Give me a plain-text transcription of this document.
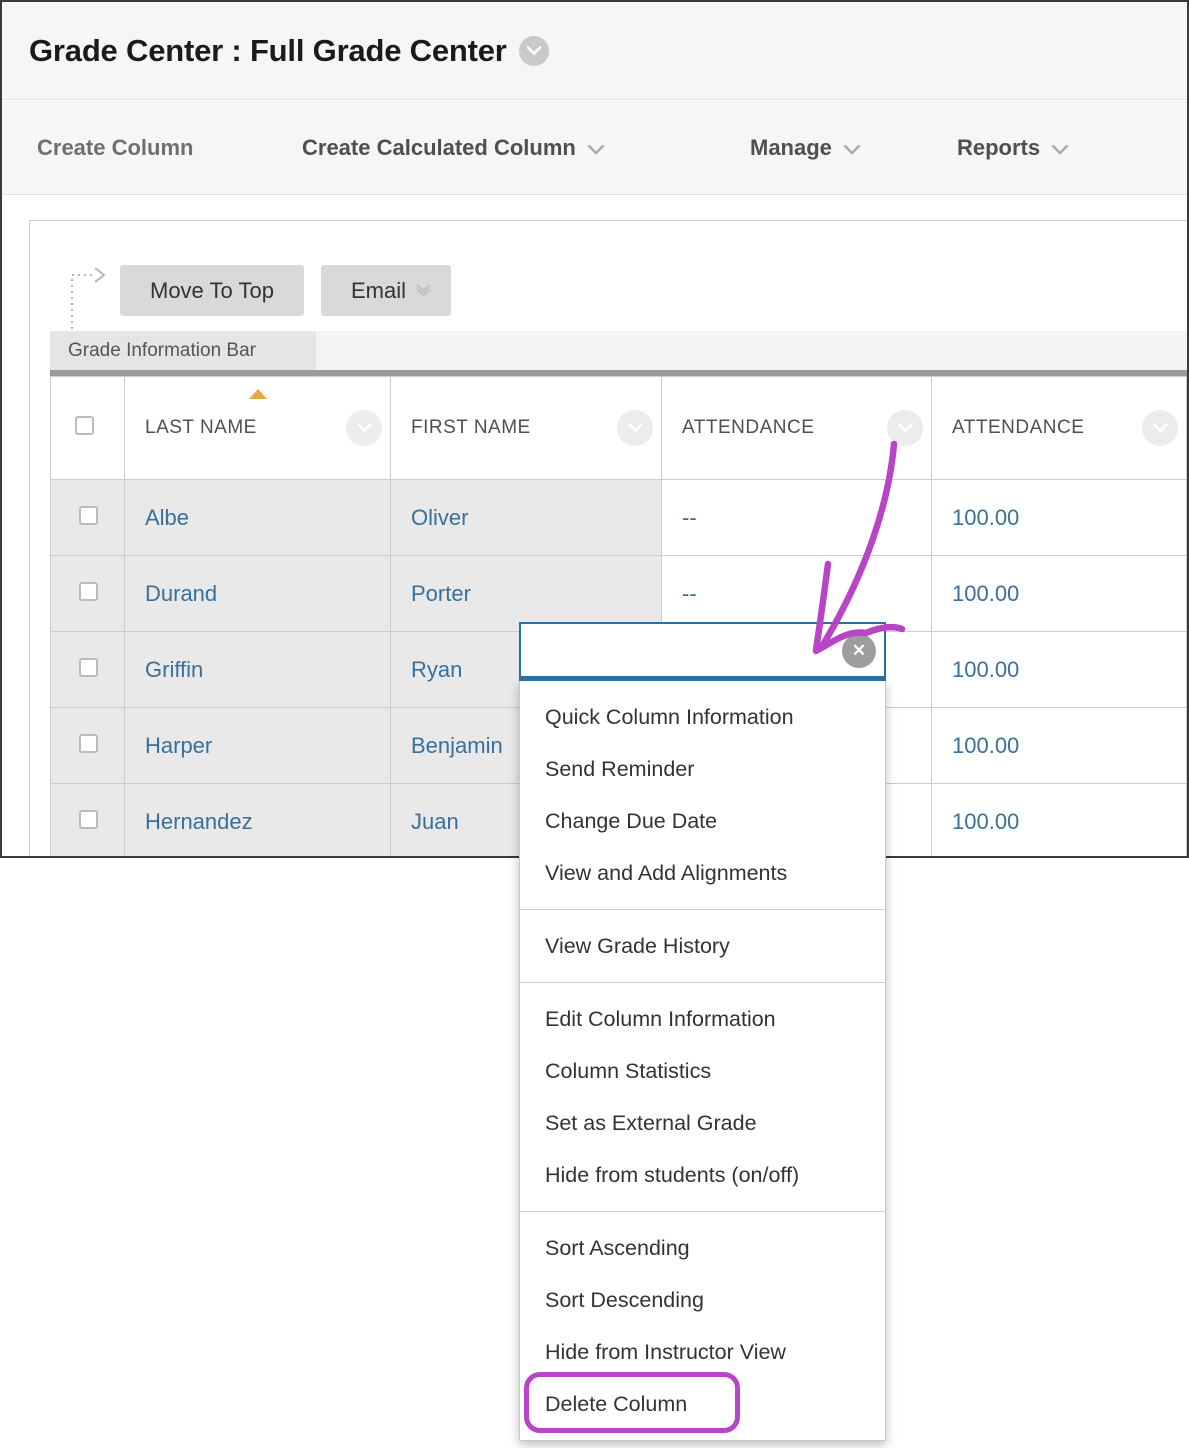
Grade Center : Full Grade Center
Create Column	Create Calculated Column	Manage	Reports
Move To Top	Email
Grade Information Bar

LAST NAME	FIRST NAME	ATTENDANCE	ATTENDANCE

	Albe	Oliver	--	100.00
	Durand	Porter	--	100.00
	Griffin	Ryan		100.00
	Harper	Benjamin		100.00
	Hernandez	Juan		100.00
✕
Quick Column Information
Send Reminder
Change Due Date
View and Add Alignments
View Grade History
Edit Column Information
Column Statistics
Set as External Grade
Hide from students (on/off)
Sort Ascending
Sort Descending
Hide from Instructor View
Delete Column
